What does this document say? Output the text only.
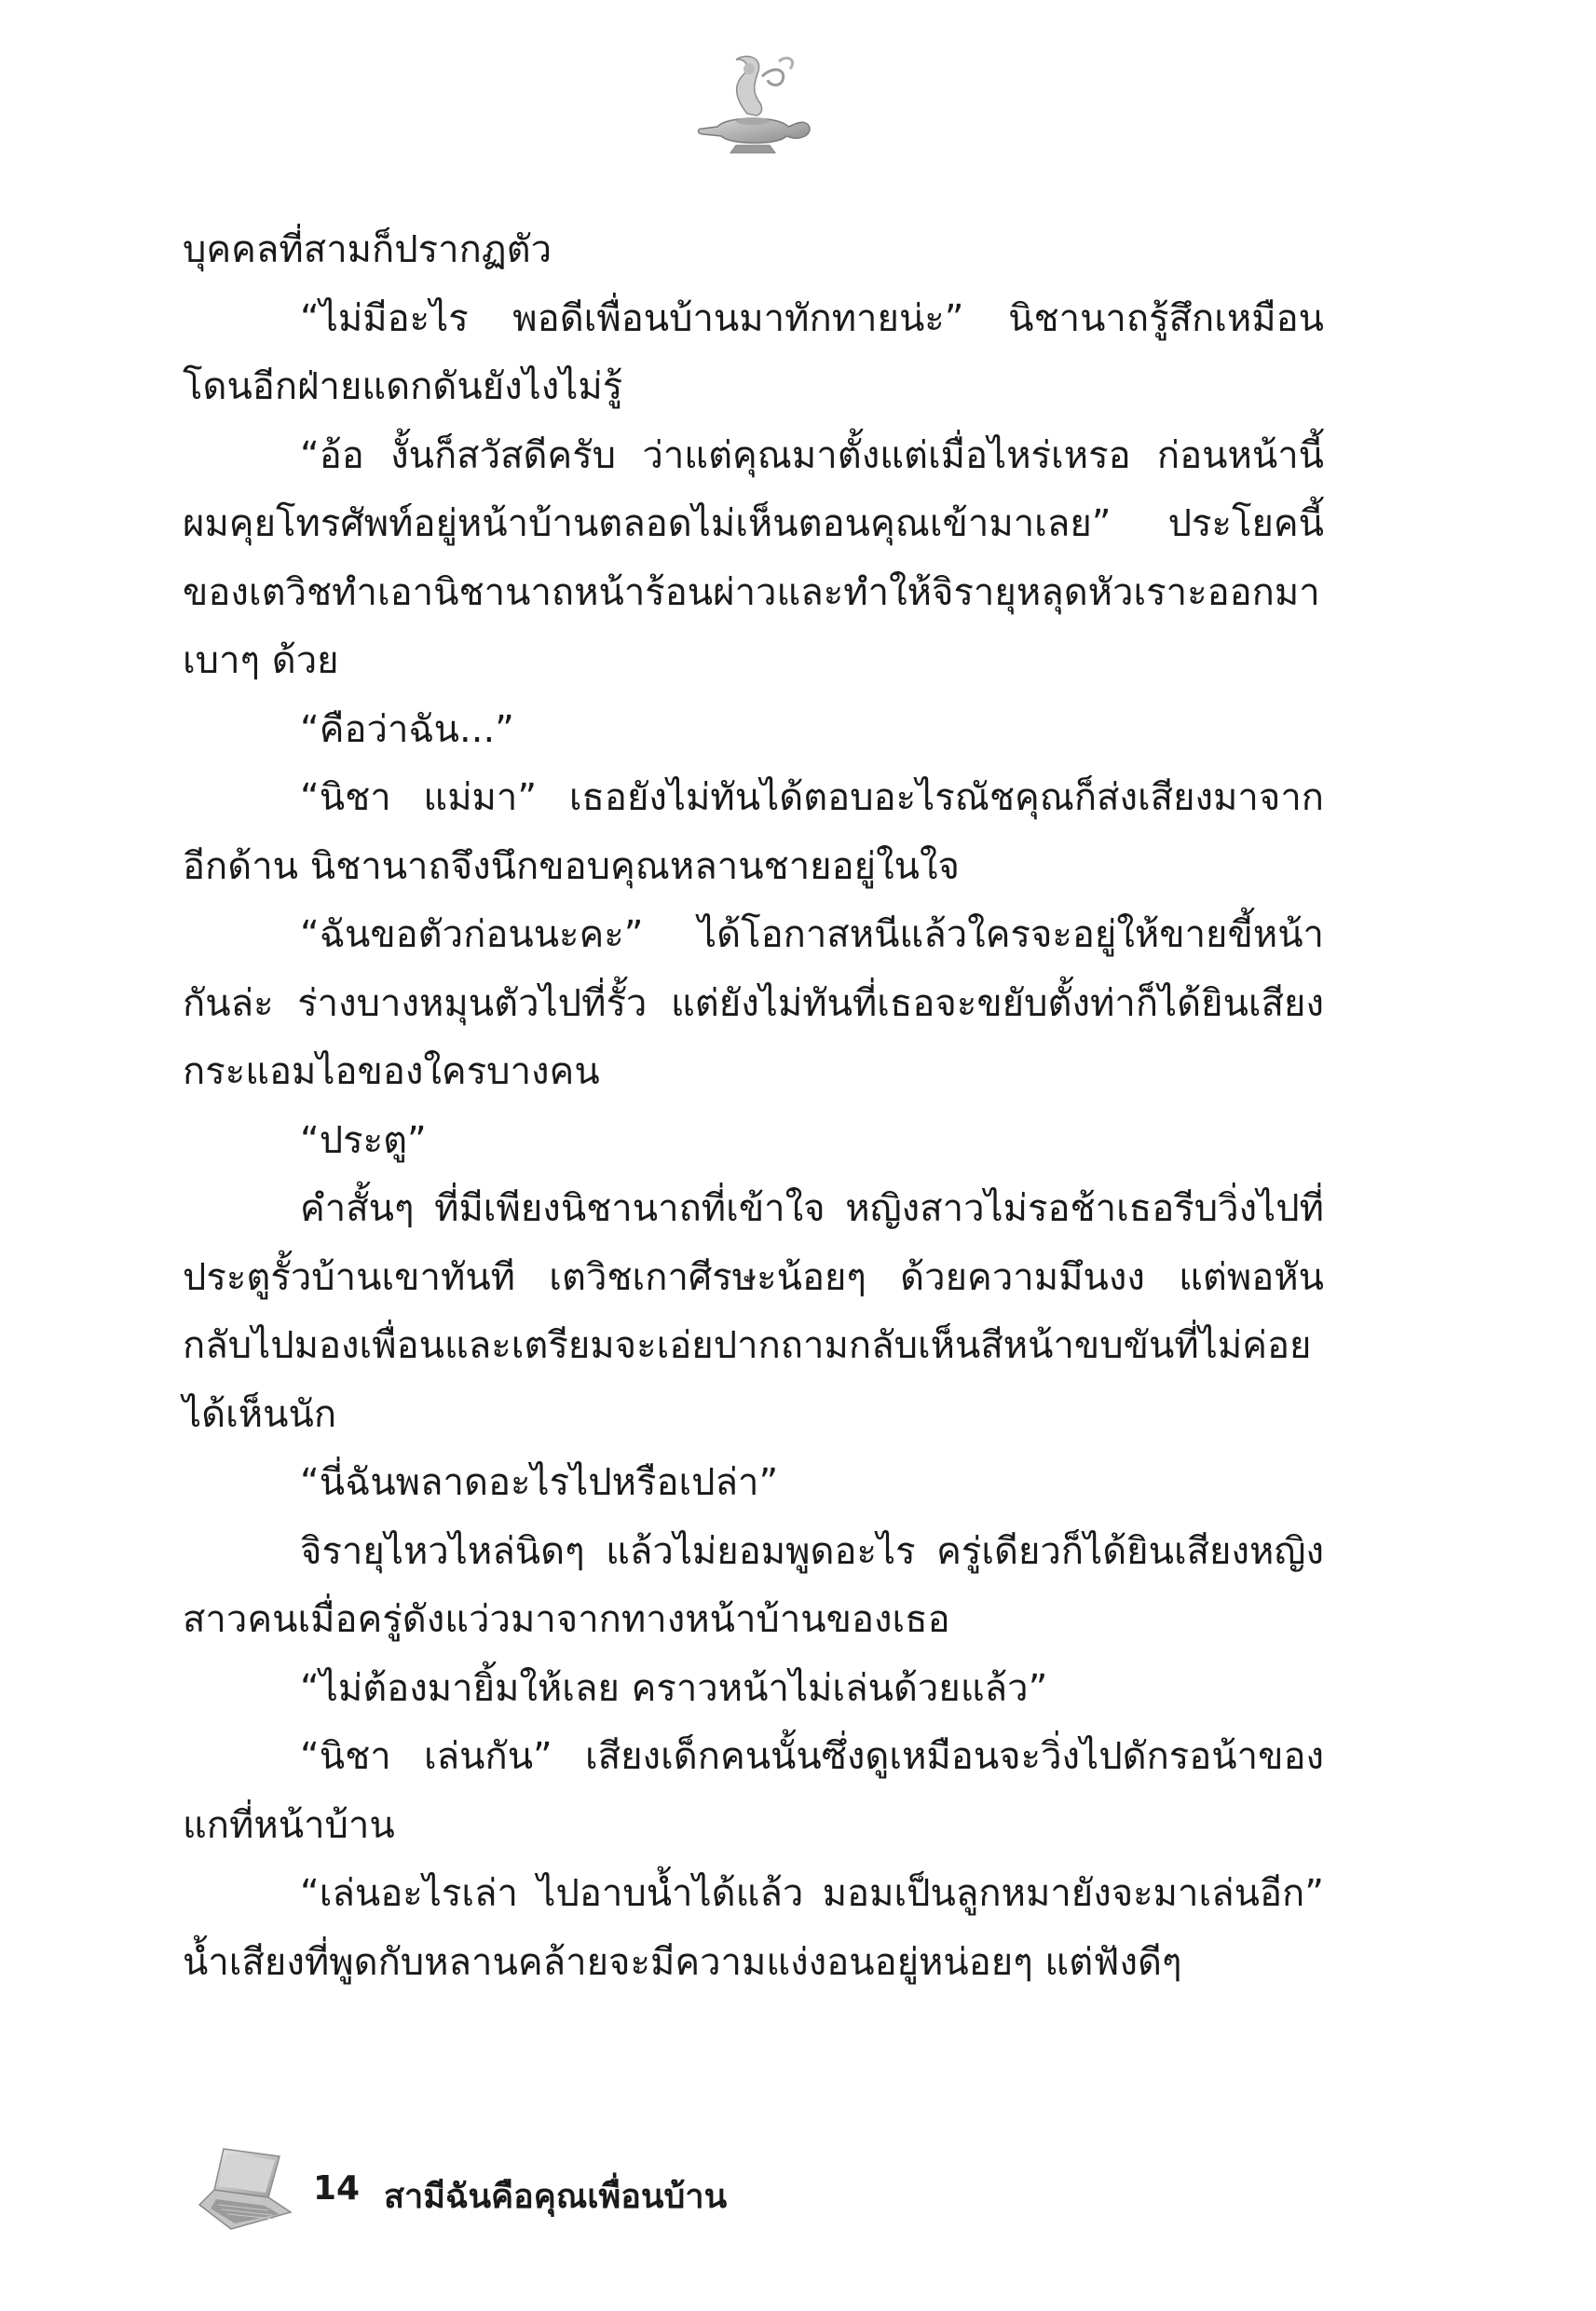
บุคคลที่สามก็ปรากฏตัว

“ไม่มีอะไร พอดีเพื่อนบ้านมาทักทายน่ะ” นิชานาถรู้สึกเหมือนโดนอีกฝ่ายแดกดันยังไงไม่รู้

“อ้อ งั้นก็สวัสดีครับ ว่าแต่คุณมาตั้งแต่เมื่อไหร่เหรอ ก่อนหน้านี้ผมคุยโทรศัพท์อยู่หน้าบ้านตลอดไม่เห็นตอนคุณเข้ามาเลย” ประโยคนี้ของเตวิชทำเอานิชานาถหน้าร้อนผ่าวและทำให้จิรายุหลุดหัวเราะออกมาเบาๆ ด้วย

“คือว่าฉัน...”

“นิชา แม่มา” เธอยังไม่ทันได้ตอบอะไรณัชคุณก็ส่งเสียงมาจากอีกด้าน นิชานาถจึงนึกขอบคุณหลานชายอยู่ในใจ

“ฉันขอตัวก่อนนะคะ” ได้โอกาสหนีแล้วใครจะอยู่ให้ขายขี้หน้ากันล่ะ ร่างบางหมุนตัวไปที่รั้ว แต่ยังไม่ทันที่เธอจะขยับตั้งท่าก็ได้ยินเสียงกระแอมไอของใครบางคน

“ประตู”

คำสั้นๆ ที่มีเพียงนิชานาถที่เข้าใจ หญิงสาวไม่รอช้าเธอรีบวิ่งไปที่ประตูรั้วบ้านเขาทันที เตวิชเกาศีรษะน้อยๆ ด้วยความมึนงง แต่พอหันกลับไปมองเพื่อนและเตรียมจะเอ่ยปากถามกลับเห็นสีหน้าขบขันที่ไม่ค่อยได้เห็นนัก

“นี่ฉันพลาดอะไรไปหรือเปล่า”

จิรายุไหวไหล่นิดๆ แล้วไม่ยอมพูดอะไร ครู่เดียวก็ได้ยินเสียงหญิงสาวคนเมื่อครู่ดังแว่วมาจากทางหน้าบ้านของเธอ

“ไม่ต้องมายิ้มให้เลย คราวหน้าไม่เล่นด้วยแล้ว”

“นิชา เล่นกัน” เสียงเด็กคนนั้นซึ่งดูเหมือนจะวิ่งไปดักรอน้าของแกที่หน้าบ้าน

“เล่นอะไรเล่า ไปอาบน้ำได้แล้ว มอมเป็นลูกหมายังจะมาเล่นอีก” น้ำเสียงที่พูดกับหลานคล้ายจะมีความแง่งอนอยู่หน่อยๆ แต่ฟังดีๆ

14 สามีฉันคือคุณเพื่อนบ้าน
